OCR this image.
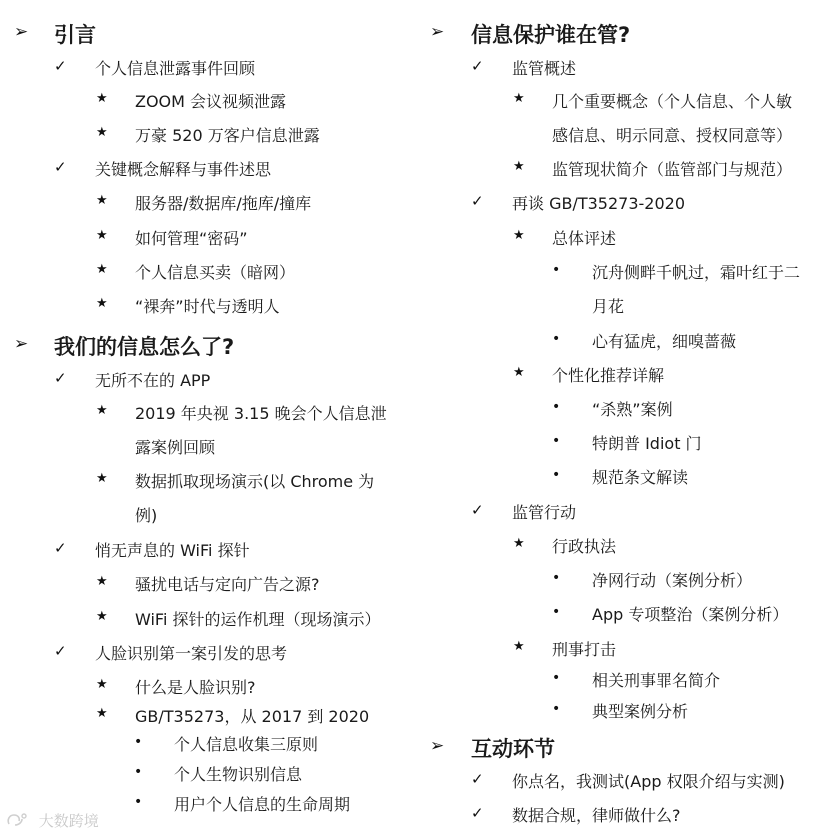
➢ 引言
✓ 个人信息泄露事件回顾
★ ZOOM 会议视频泄露
★ 万豪 520 万客户信息泄露
✓ 关键概念解释与事件述思
★ 服务器/数据库/拖库/撞库
★ 如何管理“密码”
★ 个人信息买卖（暗网）
★ “裸奔”时代与透明人
➢ 我们的信息怎么了?
✓ 无所不在的 APP
★ 2019 年央视 3.15 晚会个人信息泄
露案例回顾
★ 数据抓取现场演示(以 Chrome 为
例)
✓ 悄无声息的 WiFi 探针
★ 骚扰电话与定向广告之源?
★ WiFi 探针的运作机理（现场演示）
✓ 人脸识别第一案引发的思考
★ 什么是人脸识别?
★ GB/T35273，从 2017 到 2020
• 个人信息收集三原则
• 个人生物识别信息
• 用户个人信息的生命周期
➢ 信息保护谁在管?
✓ 监管概述
★ 几个重要概念（个人信息、个人敏
感信息、明示同意、授权同意等）
★ 监管现状简介（监管部门与规范）
✓ 再谈 GB/T35273-2020
★ 总体评述
• 沉舟侧畔千帆过，霜叶红于二
月花
• 心有猛虎，细嗅蔷薇
★ 个性化推荐详解
• “杀熟”案例
• 特朗普 Idiot 门
• 规范条文解读
✓ 监管行动
★ 行政执法
• 净网行动（案例分析）
• App 专项整治（案例分析）
★ 刑事打击
• 相关刑事罪名简介
• 典型案例分析
➢ 互动环节
✓ 你点名，我测试(App 权限介绍与实测)
✓ 数据合规，律师做什么?
大数跨境
